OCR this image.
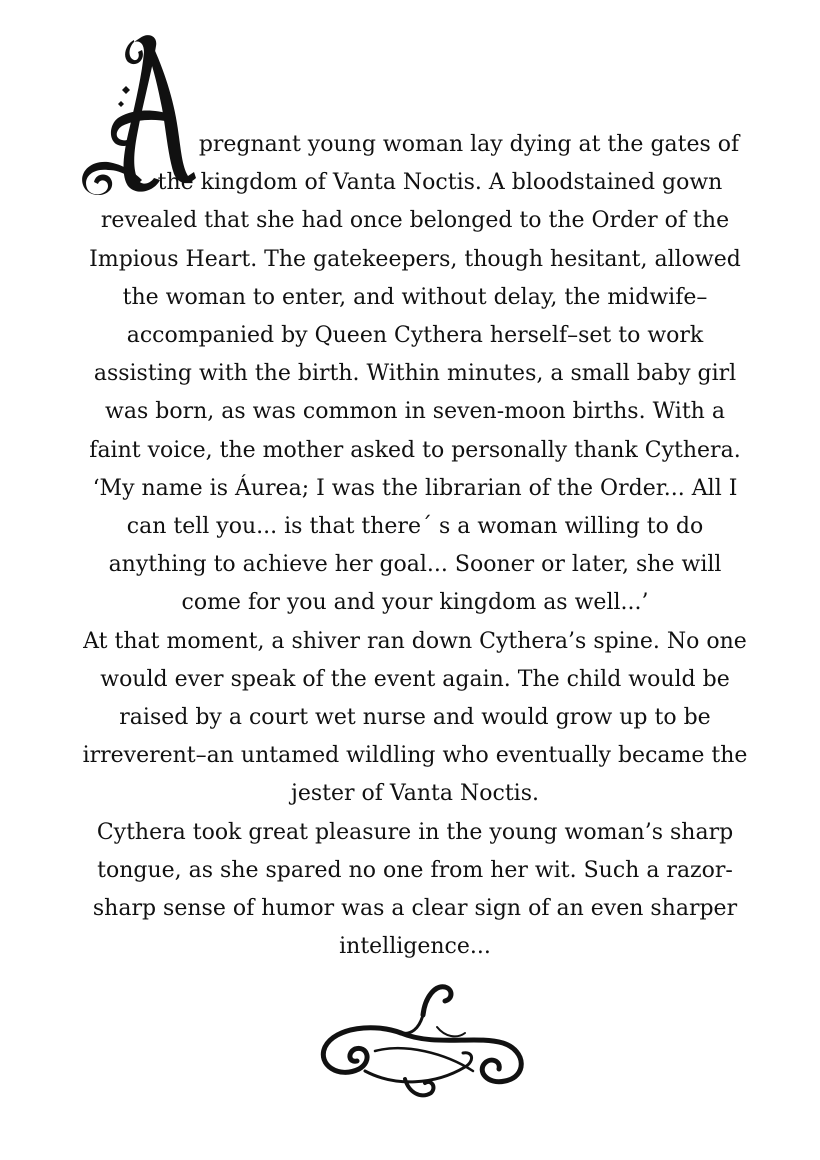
pregnant young woman lay dying at the gates of
the kingdom of Vanta Noctis. A bloodstained gown
revealed that she had once belonged to the Order of the
Impious Heart. The gatekeepers, though hesitant, allowed
the woman to enter, and without delay, the midwife–
accompanied by Queen Cythera herself–set to work
assisting with the birth. Within minutes, a small baby girl
was born, as was common in seven-moon births. With a
faint voice, the mother asked to personally thank Cythera.
‘My name is Áurea; I was the librarian of the Order... All I
can tell you... is that there´ s a woman willing to do
anything to achieve her goal... Sooner or later, she will
come for you and your kingdom as well...’
At that moment, a shiver ran down Cythera’s spine. No one
would ever speak of the event again. The child would be
raised by a court wet nurse and would grow up to be
irreverent–an untamed wildling who eventually became the
jester of Vanta Noctis.
Cythera took great pleasure in the young woman’s sharp
tongue, as she spared no one from her wit. Such a razor-
sharp sense of humor was a clear sign of an even sharper
intelligence...
